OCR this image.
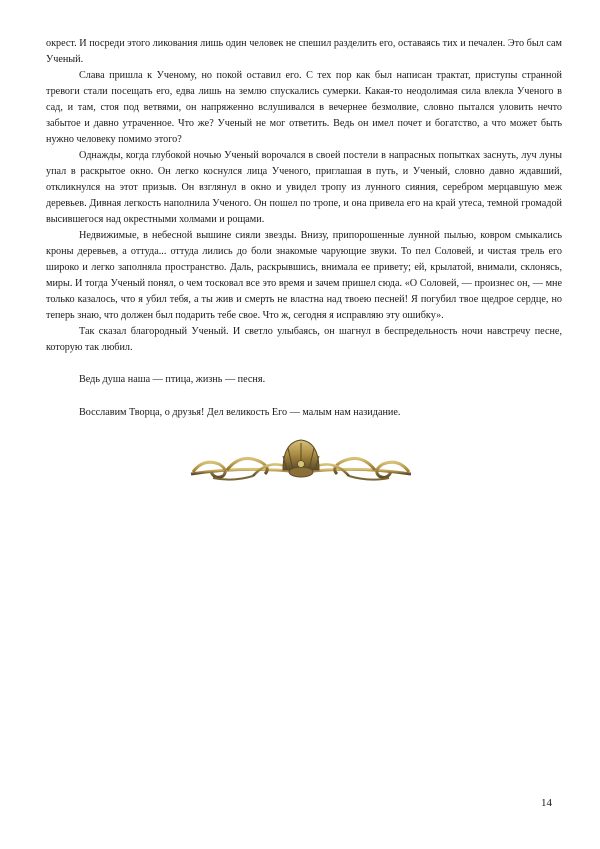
окрест. И посреди этого ликования лишь один человек не спешил разделить его, оставаясь тих и печален. Это был сам Ученый.

Слава пришла к Ученому, но покой оставил его. С тех пор как был написан трактат, приступы странной тревоги стали посещать его, едва лишь на землю спускались сумерки. Какая-то неодолимая сила влекла Ученого в сад, и там, стоя под ветвями, он напряженно вслушивался в вечернее безмолвие, словно пытался уловить нечто забытое и давно утраченное. Что же? Ученый не мог ответить. Ведь он имел почет и богатство, а что может быть нужно человеку помимо этого?

Однажды, когда глубокой ночью Ученый ворочался в своей постели в напрасных попытках заснуть, луч луны упал в раскрытое окно. Он легко коснулся лица Ученого, приглашая в путь, и Ученый, словно давно ждавший, откликнулся на этот призыв. Он взглянул в окно и увидел тропу из лунного сияния, серебром мерцавшую меж деревьев. Дивная легкость наполнила Ученого. Он пошел по тропе, и она привела его на край утеса, темной громадой высившегося над окрестными холмами и рощами.

Недвижимые, в небесной вышине сияли звезды. Внизу, припорошенные лунной пылью, ковром смыкались кроны деревьев, а оттуда... оттуда лились до боли знакомые чарующие звуки. То пел Соловей, и чистая трель его широко и легко заполняла пространство. Даль, раскрывшись, внимала ее привету; ей, крылатой, внимали, склонясь, миры. И тогда Ученый понял, о чем тосковал все это время и зачем пришел сюда. «О Соловей, — произнес он, — мне только казалось, что я убил тебя, а ты жив и смерть не властна над твоею песней! Я погубил твое щедрое сердце, но теперь знаю, что должен был подарить тебе свое. Что ж, сегодня я исправляю эту ошибку».

Так сказал благородный Ученый. И светло улыбаясь, он шагнул в беспредельность ночи навстречу песне, которую так любил.

Ведь душа наша — птица, жизнь — песня.

Восславим Творца, о друзья! Дел великость Его — малым нам назидание.

14
